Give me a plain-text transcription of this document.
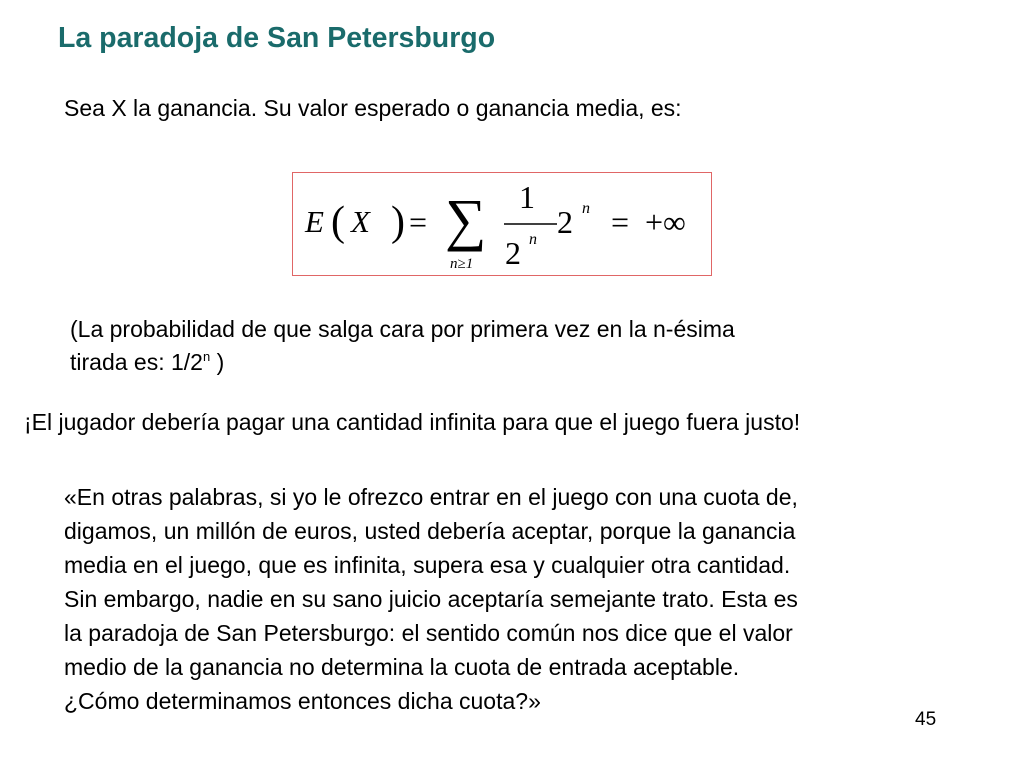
La paradoja de San Petersburgo
Sea X la ganancia. Su valor esperado o ganancia media, es:
E ( X ) = ∑
n≥1
1
2 n 2 n = +∞
(La probabilidad de que salga cara por primera vez en la n-ésima
tirada es: 1/2$^n$ )
¡El jugador debería pagar una cantidad infinita para que el juego fuera justo!
«En otras palabras, si yo le ofrezco entrar en el juego con una cuota de,
digamos, un millón de euros, usted debería aceptar, porque la ganancia
media en el juego, que es infinita, supera esa y cualquier otra cantidad.
Sin embargo, nadie en su sano juicio aceptaría semejante trato. Esta es
la paradoja de San Petersburgo: el sentido común nos dice que el valor
medio de la ganancia no determina la cuota de entrada aceptable.
¿Cómo determinamos entonces dicha cuota?»
45
